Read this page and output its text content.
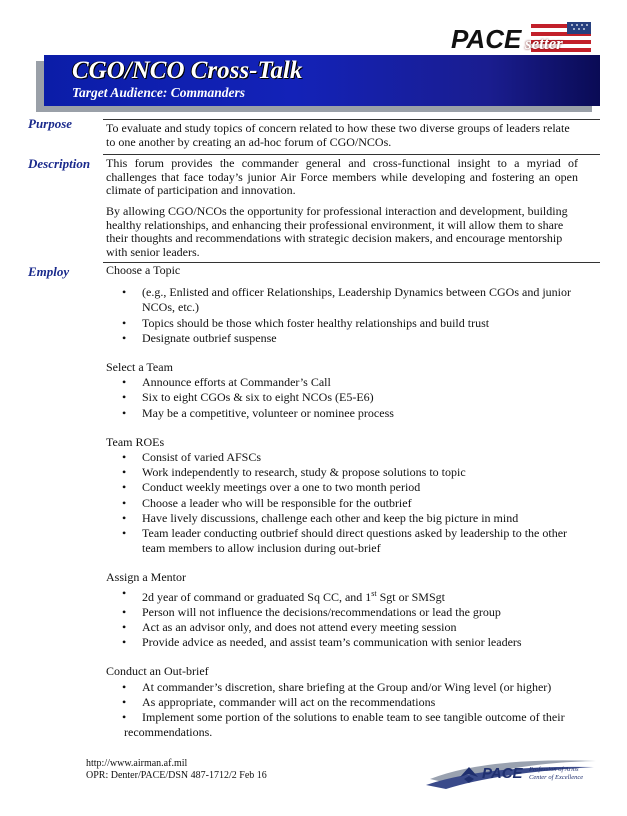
PACE setter
CGO/NCO Cross-Talk
Target Audience: Commanders
Purpose	To evaluate and study topics of concern related to how these two diverse groups of leaders relate to one another by creating an ad-hoc forum of CGO/NCOs.
Description This forum provides the commander general and cross-functional insight to a myriad of challenges that face today’s junior Air Force members while developing and fostering an open climate of participation and innovation.
By allowing CGO/NCOs the opportunity for professional interaction and development, building healthy relationships, and enhancing their professional environment, it will allow them to share their thoughts and recommendations with strategic decision makers, and encourage mentorship with senior leaders.
Employ	Choose a Topic
• (e.g., Enlisted and officer Relationships, Leadership Dynamics between CGOs and junior NCOs, etc.)
• Topics should be those which foster healthy relationships and build trust
• Designate outbrief suspense
Select a Team
• Announce efforts at Commander’s Call
• Six to eight CGOs & six to eight NCOs (E5-E6)
• May be a competitive, volunteer or nominee process
Team ROEs
• Consist of varied AFSCs
• Work independently to research, study & propose solutions to topic
• Conduct weekly meetings over a one to two month period
• Choose a leader who will be responsible for the outbrief
• Have lively discussions, challenge each other and keep the big picture in mind
• Team leader conducting outbrief should direct questions asked by leadership to the other team members to allow inclusion during out-brief
Assign a Mentor
• 2d year of command or graduated Sq CC, and 1st Sgt or SMSgt
• Person will not influence the decisions/recommendations or lead the group
• Act as an advisor only, and does not attend every meeting session
• Provide advice as needed, and assist team’s communication with senior leaders
Conduct an Out-brief
• At commander’s discretion, share briefing at the Group and/or Wing level (or higher)
• As appropriate, commander will act on the recommendations
• Implement some portion of the solutions to enable team to see tangible outcome of their recommendations.
http://www.airman.af.mil
OPR: Denter/PACE/DSN 487-1712/2 Feb 16	PACE Profession of Arms
Center of Excellence
